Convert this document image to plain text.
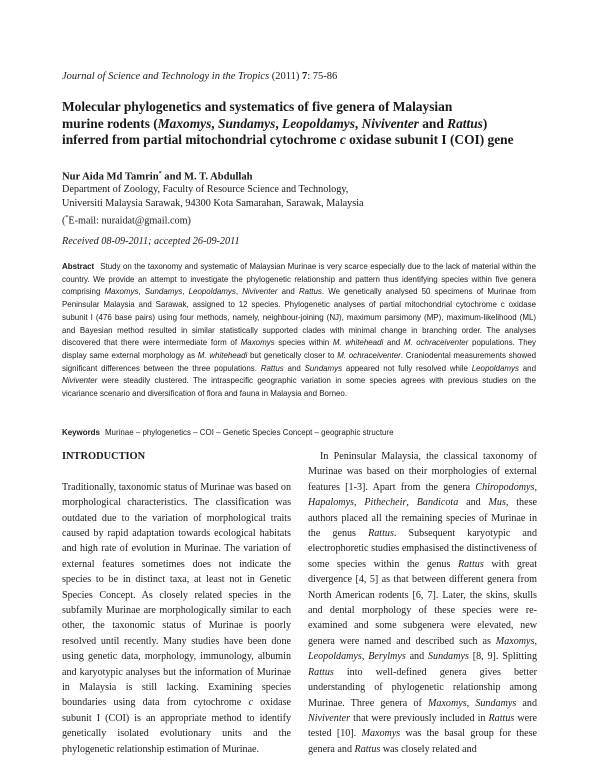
Journal of Science and Technology in the Tropics (2011) 7: 75-86
Molecular phylogenetics and systematics of five genera of Malaysian
murine rodents (Maxomys, Sundamys, Leopoldamys, Niviventer and Rattus)
inferred from partial mitochondrial cytochrome c oxidase subunit I (COI) gene
Nur Aida Md Tamrin* and M. T. Abdullah
Department of Zoology, Faculty of Resource Science and Technology,
Universiti Malaysia Sarawak, 94300 Kota Samarahan, Sarawak, Malaysia
(*E-mail: nuraidat@gmail.com)
Received 08-09-2011; accepted 26-09-2011
Abstract Study on the taxonomy and systematic of Malaysian Murinae is very scarce especially due to the lack of material within the country. We provide an attempt to investigate the phylogenetic relationship and pattern thus identifying species within five genera comprising Maxomys, Sundamys, Leopoldamys, Niviventer and Rattus. We genetically analysed 50 specimens of Murinae from Peninsular Malaysia and Sarawak, assigned to 12 species. Phylogenetic analyses of partial mitochondrial cytochrome c oxidase subunit I (476 base pairs) using four methods, namely, neighbour-joining (NJ), maximum parsimony (MP), maximum-likelihood (ML) and Bayesian method resulted in similar statistically supported clades with minimal change in branching order. The analyses discovered that there were intermediate form of Maxomys species within M. whiteheadi and M. ochraceiventer populations. They display same external morphology as M. whiteheadi but genetically closer to M. ochraceiventer. Craniodental measurements showed significant differences between the three populations. Rattus and Sundamys appeared not fully resolved while Leopoldamys and Niviventer were steadily clustered. The intraspecific geographic variation in some species agrees with previous studies on the vicariance scenario and diversification of flora and fauna in Malaysia and Borneo.
Keywords Murinae – phylogenetics – COI – Genetic Species Concept – geographic structure

INTRODUCTION

Traditionally, taxonomic status of Murinae was based on morphological characteristics. The classification was outdated due to the variation of morphological traits caused by rapid adaptation towards ecological habitats and high rate of evolution in Murinae. The variation of external features sometimes does not indicate the species to be in distinct taxa, at least not in Genetic Species Concept. As closely related species in the subfamily Murinae are morphologically similar to each other, the taxonomic status of Murinae is poorly resolved until recently. Many studies have been done using genetic data, morphology, immunology, albumin and karyotypic analyses but the information of Murinae in Malaysia is still lacking. Examining species boundaries using data from cytochrome c oxidase subunit I (COI) is an appropriate method to identify genetically isolated evolutionary units and the phylogenetic relationship estimation of Murinae.

In Peninsular Malaysia, the classical taxonomy of Murinae was based on their morphologies of external features [1-3]. Apart from the genera Chiropodomys, Hapalomys, Pithecheir, Bandicota and Mus, these authors placed all the remaining species of Murinae in the genus Rattus. Subsequent karyotypic and electrophoretic studies emphasised the distinctiveness of some species within the genus Rattus with great divergence [4, 5] as that between different genera from North American rodents [6, 7]. Later, the skins, skulls and dental morphology of these species were re-examined and some subgenera were elevated, new genera were named and described such as Maxomys, Leopoldamys, Berylmys and Sundamys [8, 9]. Splitting Rattus into well-defined genera gives better understanding of phylogenetic relationship among Murinae. Three genera of Maxomys, Sundamys and Niviventer that were previously included in Rattus were tested [10]. Maxomys was the basal group for these genera and Rattus was closely related and
